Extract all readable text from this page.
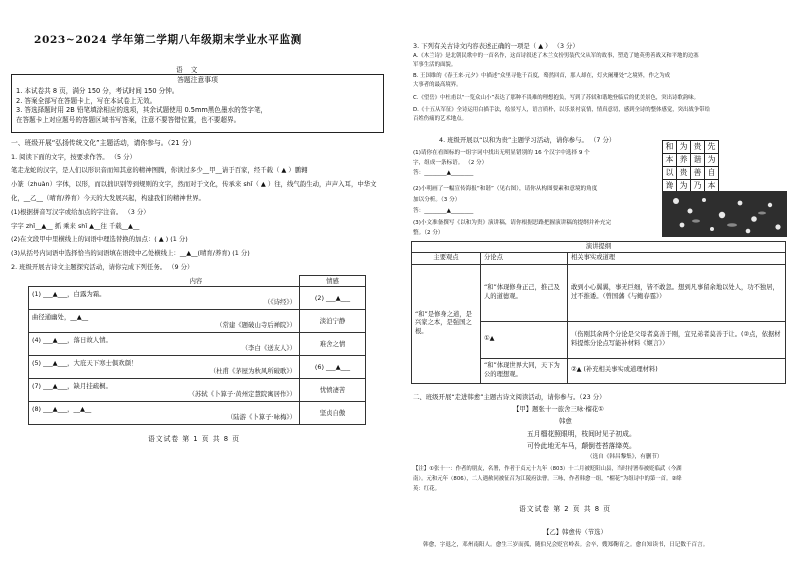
2023~2024 学年第二学期八年级期末学业水平监测
语 文
答题注意事项
1. 本试卷共 8 页，满分 150 分，考试时间 150 分钟。
2. 答案全部写在答题卡上，写在本试卷上无效。
3. 答选择题时用 2B 铅笔填涂相应的选项，其余试题使用 0.5mm黑色墨水的签字笔，
在答题卡上对应题号的答题区域书写答案，注意不要答错位置，也不要超界。
一、班级开展“弘扬传统文化”主题活动，请你参与。（21 分）
1. 阅读下面的文字，按要求作答。 （5 分）
笔走龙蛇的汉字，是人们以形识音而知其意的精神图腾，你读过多少__甲__请于百家，经千载（ ▲ ）鹏翱
小篆（zhuàn）字体，以形，而以拙识别等到规则的文字，然而对于文化，传承来 shǐ（ ▲ ）往，线气韵生动，声声入耳，中华文
化，__乙__（晴育/养育）今天的大发展兴起，构建我们的精神世界。
(1)根据拼音写汉字或给加点的字注音。 （3 分）
字字 zhǐ__▲__ 抓 乘来 shǐ ▲__往 千载__▲__
(2)在文段甲中里横线上的词语中理选替换的加点：( ▲ ) (1 分)
(3)从括号内词语中选择恰当的词语填在语段中乙处横线上：__▲__(晴育/养育) (1 分)
2. 班级开展古诗文主题探究活动，请你完成下列任务。 （9 分）
	内容	情感
(1) ___▲___，白露为霜。
（《诗经》）		(2) ___▲___
曲径通幽处，__▲__
（常建《题破山寺后禅院》）		淡泊宁静
(4) ___▲___，落日故人情。
（李白《送友人》）		难舍之情
(5) ___▲___，大庇天下寒士俱欢颜！
（杜甫《茅屋为秋风所破歌》）		(6) ___▲___
(7) ___▲___，缺月挂疏桐。
（苏轼《卜算子·黄州定慧院寓居作》）		忧愤凄苦
(8) ___▲___，__▲__
（陆游《卜算子·咏梅》）		坚贞自傲
语文试卷 第 1 页 共 8 页
3. 下列有关古诗文内容表述正确的一项是（ ▲ ） （3 分）
A.《木兰诗》是北朝民歌中的一首名作，这首诗叙述了木兰女扮男装代父从军的故事，塑造了她英勇善战又和平地的边塞
军事生活的面貌。
B. 王国维的《春王来·元夕》中描述“众里寻他千百度，蓦然回首，那人却在，灯火阑珊处”之境界，作之为成
大事者的最高境界。
C.《望岳》中杜甫以“一览众山小”表达了那种不畏难的理想抱负，写到了苏轼和谐地登临后的优美景色，突出诗歌韵味。
D.《十五从军征》全诗运用白描手法，绘景写人，语言质朴，以乐景衬哀情，情真意切，感到全诗的整体感觉，突出战争带给
百姓伤痛的艺术地点。
4. 班级开展以“以和为贵”主题学习活动，请你参与。 （7 分）
(1)请你在看图标的一组字词中找出无明显错别的 16 个汉字中选择 9 个
字，组成一条标语。 （2 分）
答：________▲________
和	为	贵	先
本	养	谐	为
以	贵	善	自
谗	为	乃	本
(2)小明画了一幅宣传海报“和谐”（见右图），请你从构图要素和意境的角度
加以分析。（3 分）
答：________▲________
(3)小文准备撰写《以和为贵》演讲稿，请你根据思路把握演讲稿的提纲并补充完
整。（2 分）
演讲提纲		
主要观点	分论点	相关事实或道理
“和”是修身之道，是兴家之本，是强国之根。	“和”体现修身正己，推己及人的道德观。	敢到小心翼翼，事无巨细，皆不敢忽。想到凡事留余地以处人，功不独居，过不推诿。（曾国藩《与鲍春霆》）
	①▲	（伤刚其余两个分论是父母者莫善于刚，宜兄弟者莫善于让。(②点，依据材料提炼分论点写能补材料《姬言》）
	“和”体现世界大同，天下为公的理想观。	②▲ (补充相关事实或道理材料)
二、班级开展“走进韩愈”主题古诗文阅读活动，请你参与。（23 分）
【甲】题张十一旅舍三咏·榴花①
韩愈
五月榴花照眼明，枝间时见子初成。
可怜此地无车马，颠倒苍苔落绛英。
（选自《韩昌黎集》，有删节）
【注】①张十一：作者的朋友，名署，作者于贞元十九年（803）十二月被贬阳山县，当时持署奉被贬临武（今湖
南）。元和元年（806），二人遇赦同被征召为江陵府法曹。三咏，作者韩愈一组，“榴花”为组诗中的第一首。②绛
英：红花。
语文试卷 第 2 页 共 8 页
【乙】韩愈传（节选）
韩愈，字退之，邓州南阳人。愈生三岁而孤，随伯兄会贬官岭表。会卒，嫂郑鞠育之。愈自知读书，日记数千百言。
